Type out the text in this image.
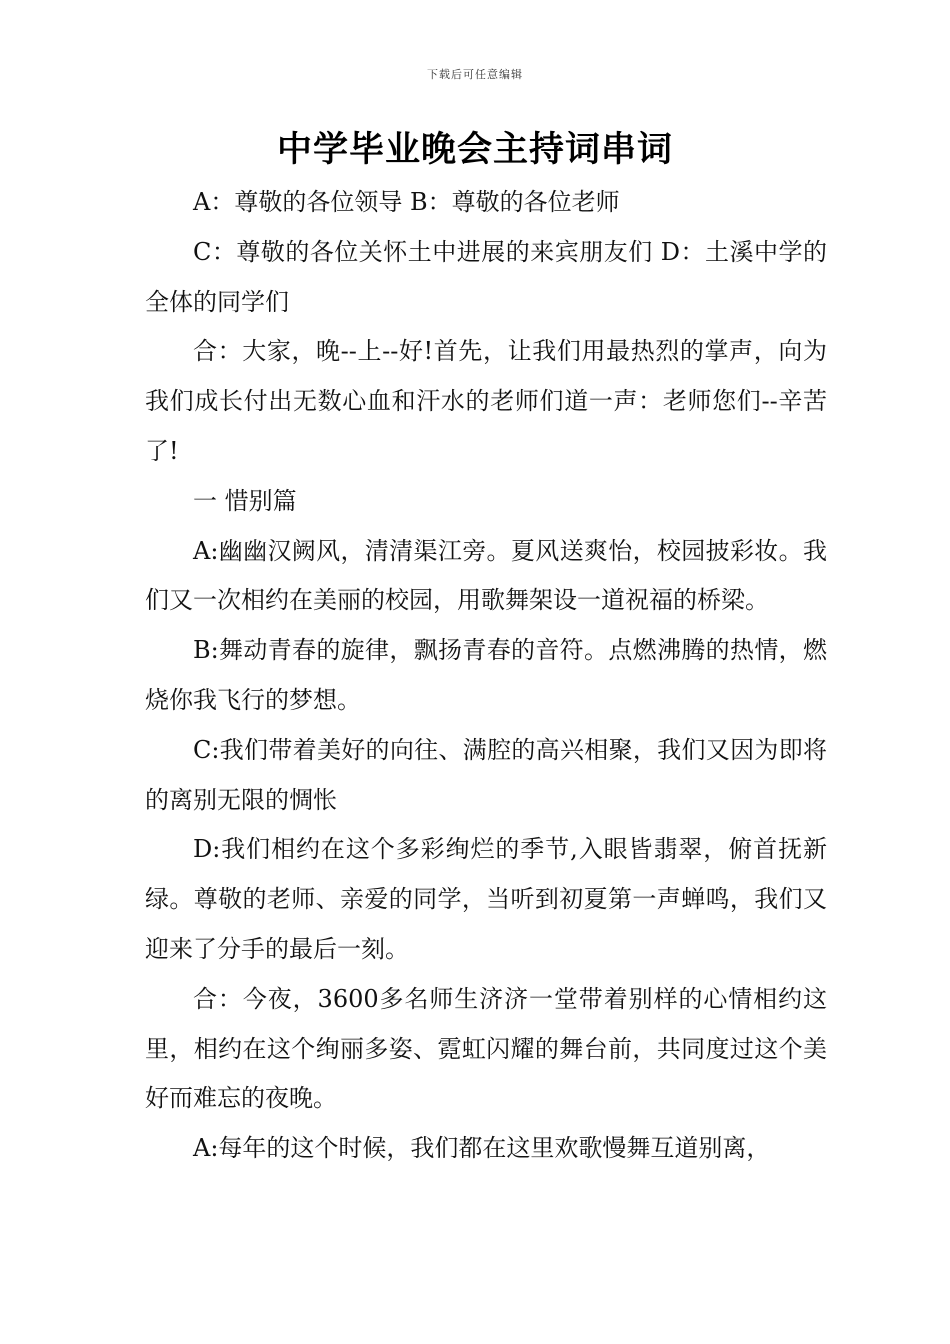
下载后可任意编辑
中学毕业晚会主持词串词

A：尊敬的各位领导 B：尊敬的各位老师

C：尊敬的各位关怀土中进展的来宾朋友们 D：土溪中学的全体的同学们

合：大家，晚--上--好!首先，让我们用最热烈的掌声，向为我们成长付出无数心血和汗水的老师们道一声：老师您们--辛苦了!

一 惜别篇

A:幽幽汉阙风，清清渠江旁。夏风送爽怡，校园披彩妆。我们又一次相约在美丽的校园，用歌舞架设一道祝福的桥梁。

B:舞动青春的旋律，飘扬青春的音符。点燃沸腾的热情，燃烧你我飞行的梦想。

C:我们带着美好的向往、满腔的高兴相聚，我们又因为即将的离别无限的惆怅

D:我们相约在这个多彩绚烂的季节,入眼皆翡翠，俯首抚新绿。尊敬的老师、亲爱的同学，当听到初夏第一声蝉鸣，我们又迎来了分手的最后一刻。

合：今夜，3600多名师生济济一堂带着别样的心情相约这里，相约在这个绚丽多姿、霓虹闪耀的舞台前，共同度过这个美好而难忘的夜晚。

A:每年的这个时候，我们都在这里欢歌慢舞互道别离，
